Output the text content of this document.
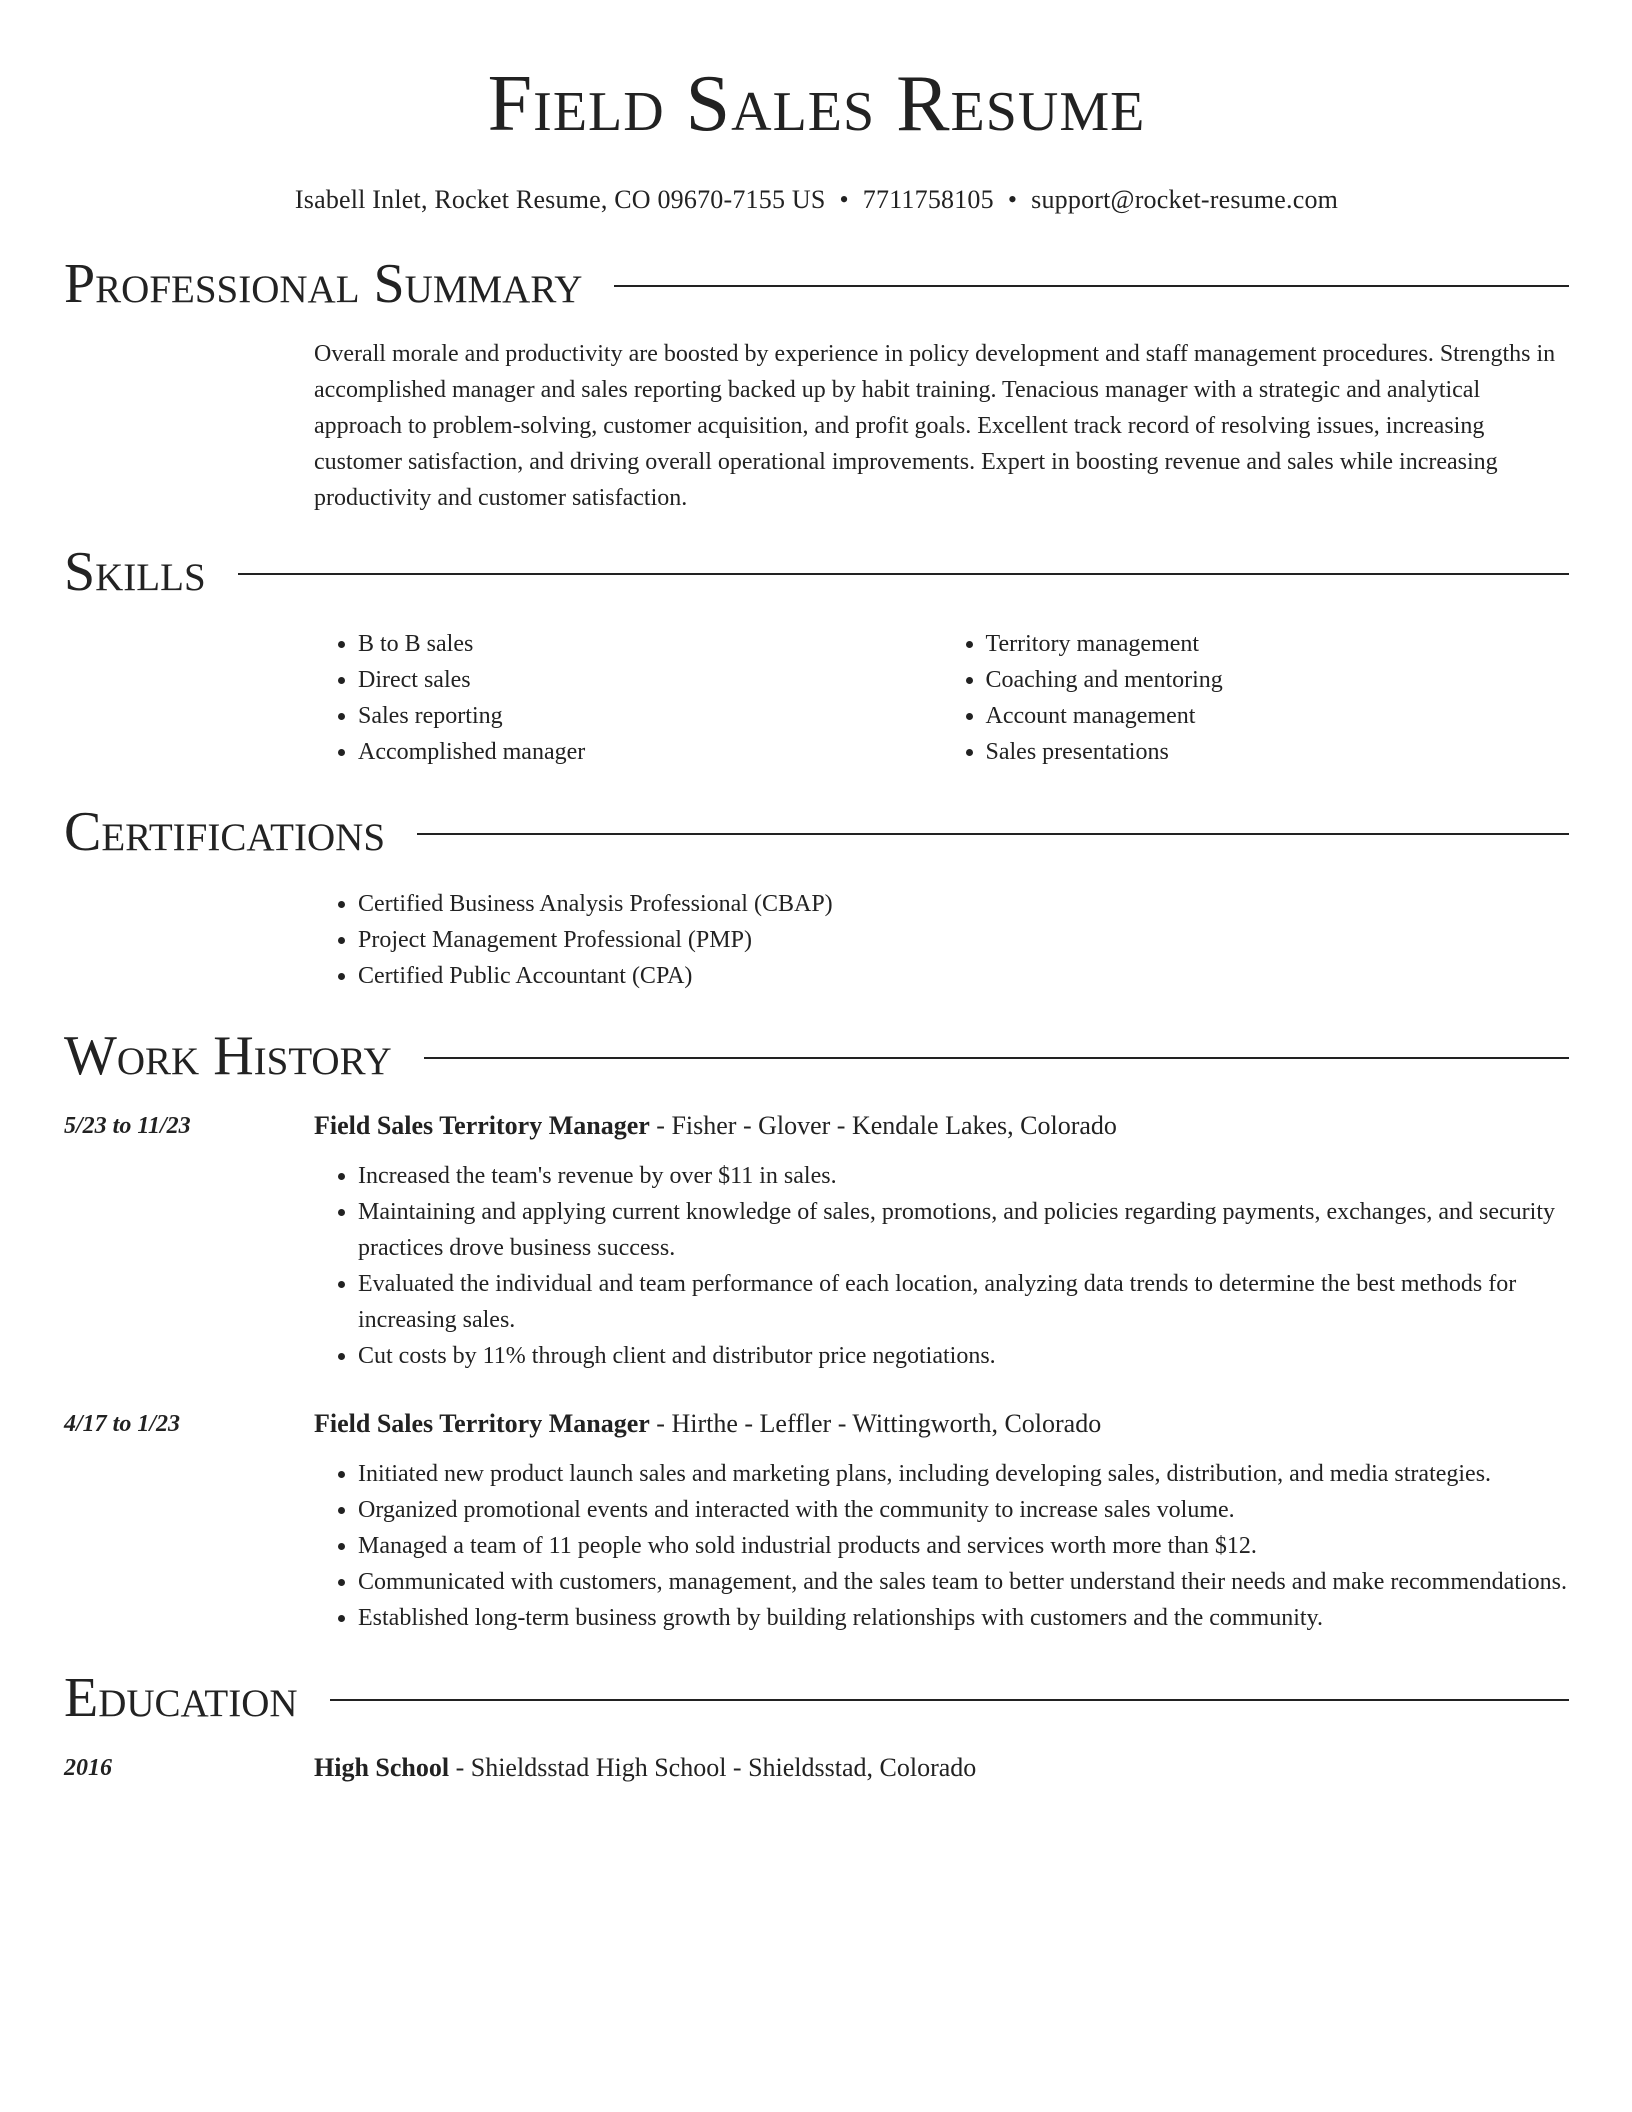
Field Sales Resume
Isabell Inlet, Rocket Resume, CO 09670-7155 US • 7711758105 • support@rocket-resume.com
Professional Summary
Overall morale and productivity are boosted by experience in policy development and staff management procedures. Strengths in accomplished manager and sales reporting backed up by habit training. Tenacious manager with a strategic and analytical approach to problem-solving, customer acquisition, and profit goals. Excellent track record of resolving issues, increasing customer satisfaction, and driving overall operational improvements. Expert in boosting revenue and sales while increasing productivity and customer satisfaction.
Skills
• B to B sales
• Direct sales
• Sales reporting
• Accomplished manager
• Territory management
• Coaching and mentoring
• Account management
• Sales presentations
Certifications
• Certified Business Analysis Professional (CBAP)
• Project Management Professional (PMP)
• Certified Public Accountant (CPA)
Work History
5/23 to 11/23	Field Sales Territory Manager - Fisher - Glover - Kendale Lakes, Colorado
• Increased the team's revenue by over $11 in sales.
• Maintaining and applying current knowledge of sales, promotions, and policies regarding payments, exchanges, and security practices drove business success.
• Evaluated the individual and team performance of each location, analyzing data trends to determine the best methods for increasing sales.
• Cut costs by 11% through client and distributor price negotiations.
4/17 to 1/23	Field Sales Territory Manager - Hirthe - Leffler - Wittingworth, Colorado
• Initiated new product launch sales and marketing plans, including developing sales, distribution, and media strategies.
• Organized promotional events and interacted with the community to increase sales volume.
• Managed a team of 11 people who sold industrial products and services worth more than $12.
• Communicated with customers, management, and the sales team to better understand their needs and make recommendations.
• Established long-term business growth by building relationships with customers and the community.
Education
2016	High School - Shieldsstad High School - Shieldsstad, Colorado
